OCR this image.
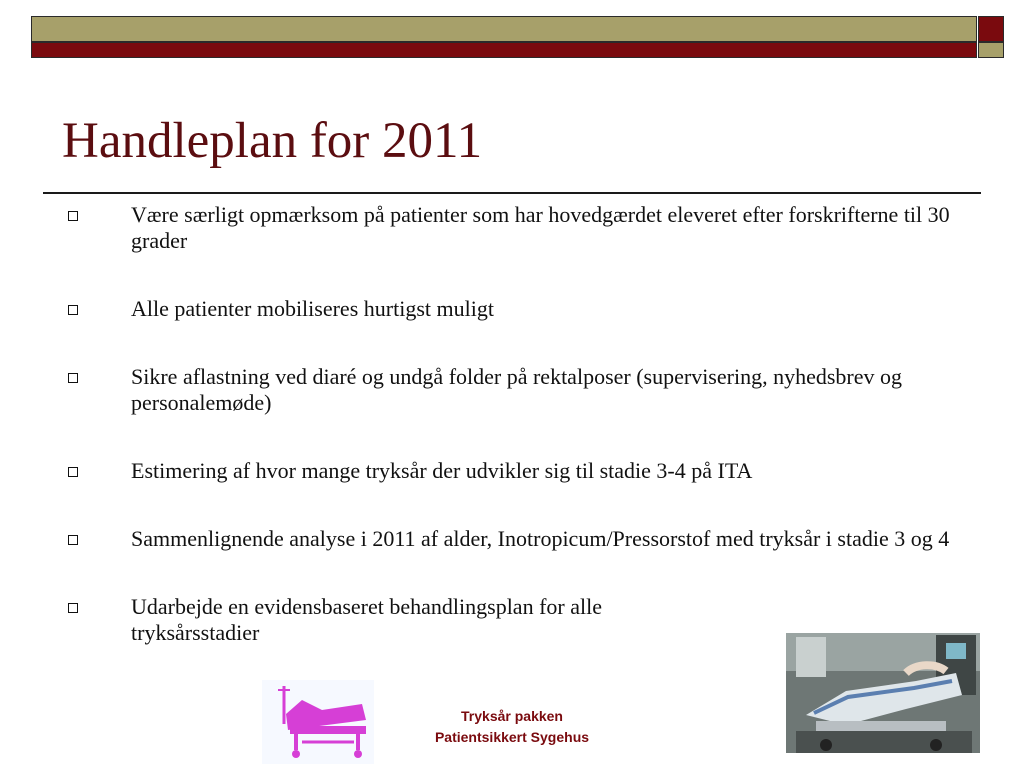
Handleplan for 2011
Være særligt opmærksom på patienter som har hovedgærdet eleveret efter forskrifterne til 30 grader
Alle patienter mobiliseres hurtigst muligt
Sikre aflastning ved diaré og undgå folder på rektalposer (supervisering, nyhedsbrev og personalemøde)
Estimering af hvor mange tryksår der udvikler sig til stadie 3-4 på ITA
Sammenlignende analyse i 2011 af alder, Inotropicum/Pressorstof med tryksår i stadie 3 og 4
Udarbejde en evidensbaseret behandlingsplan for alle tryksårsstadier
Tryksår pakken
Patientsikkert Sygehus
